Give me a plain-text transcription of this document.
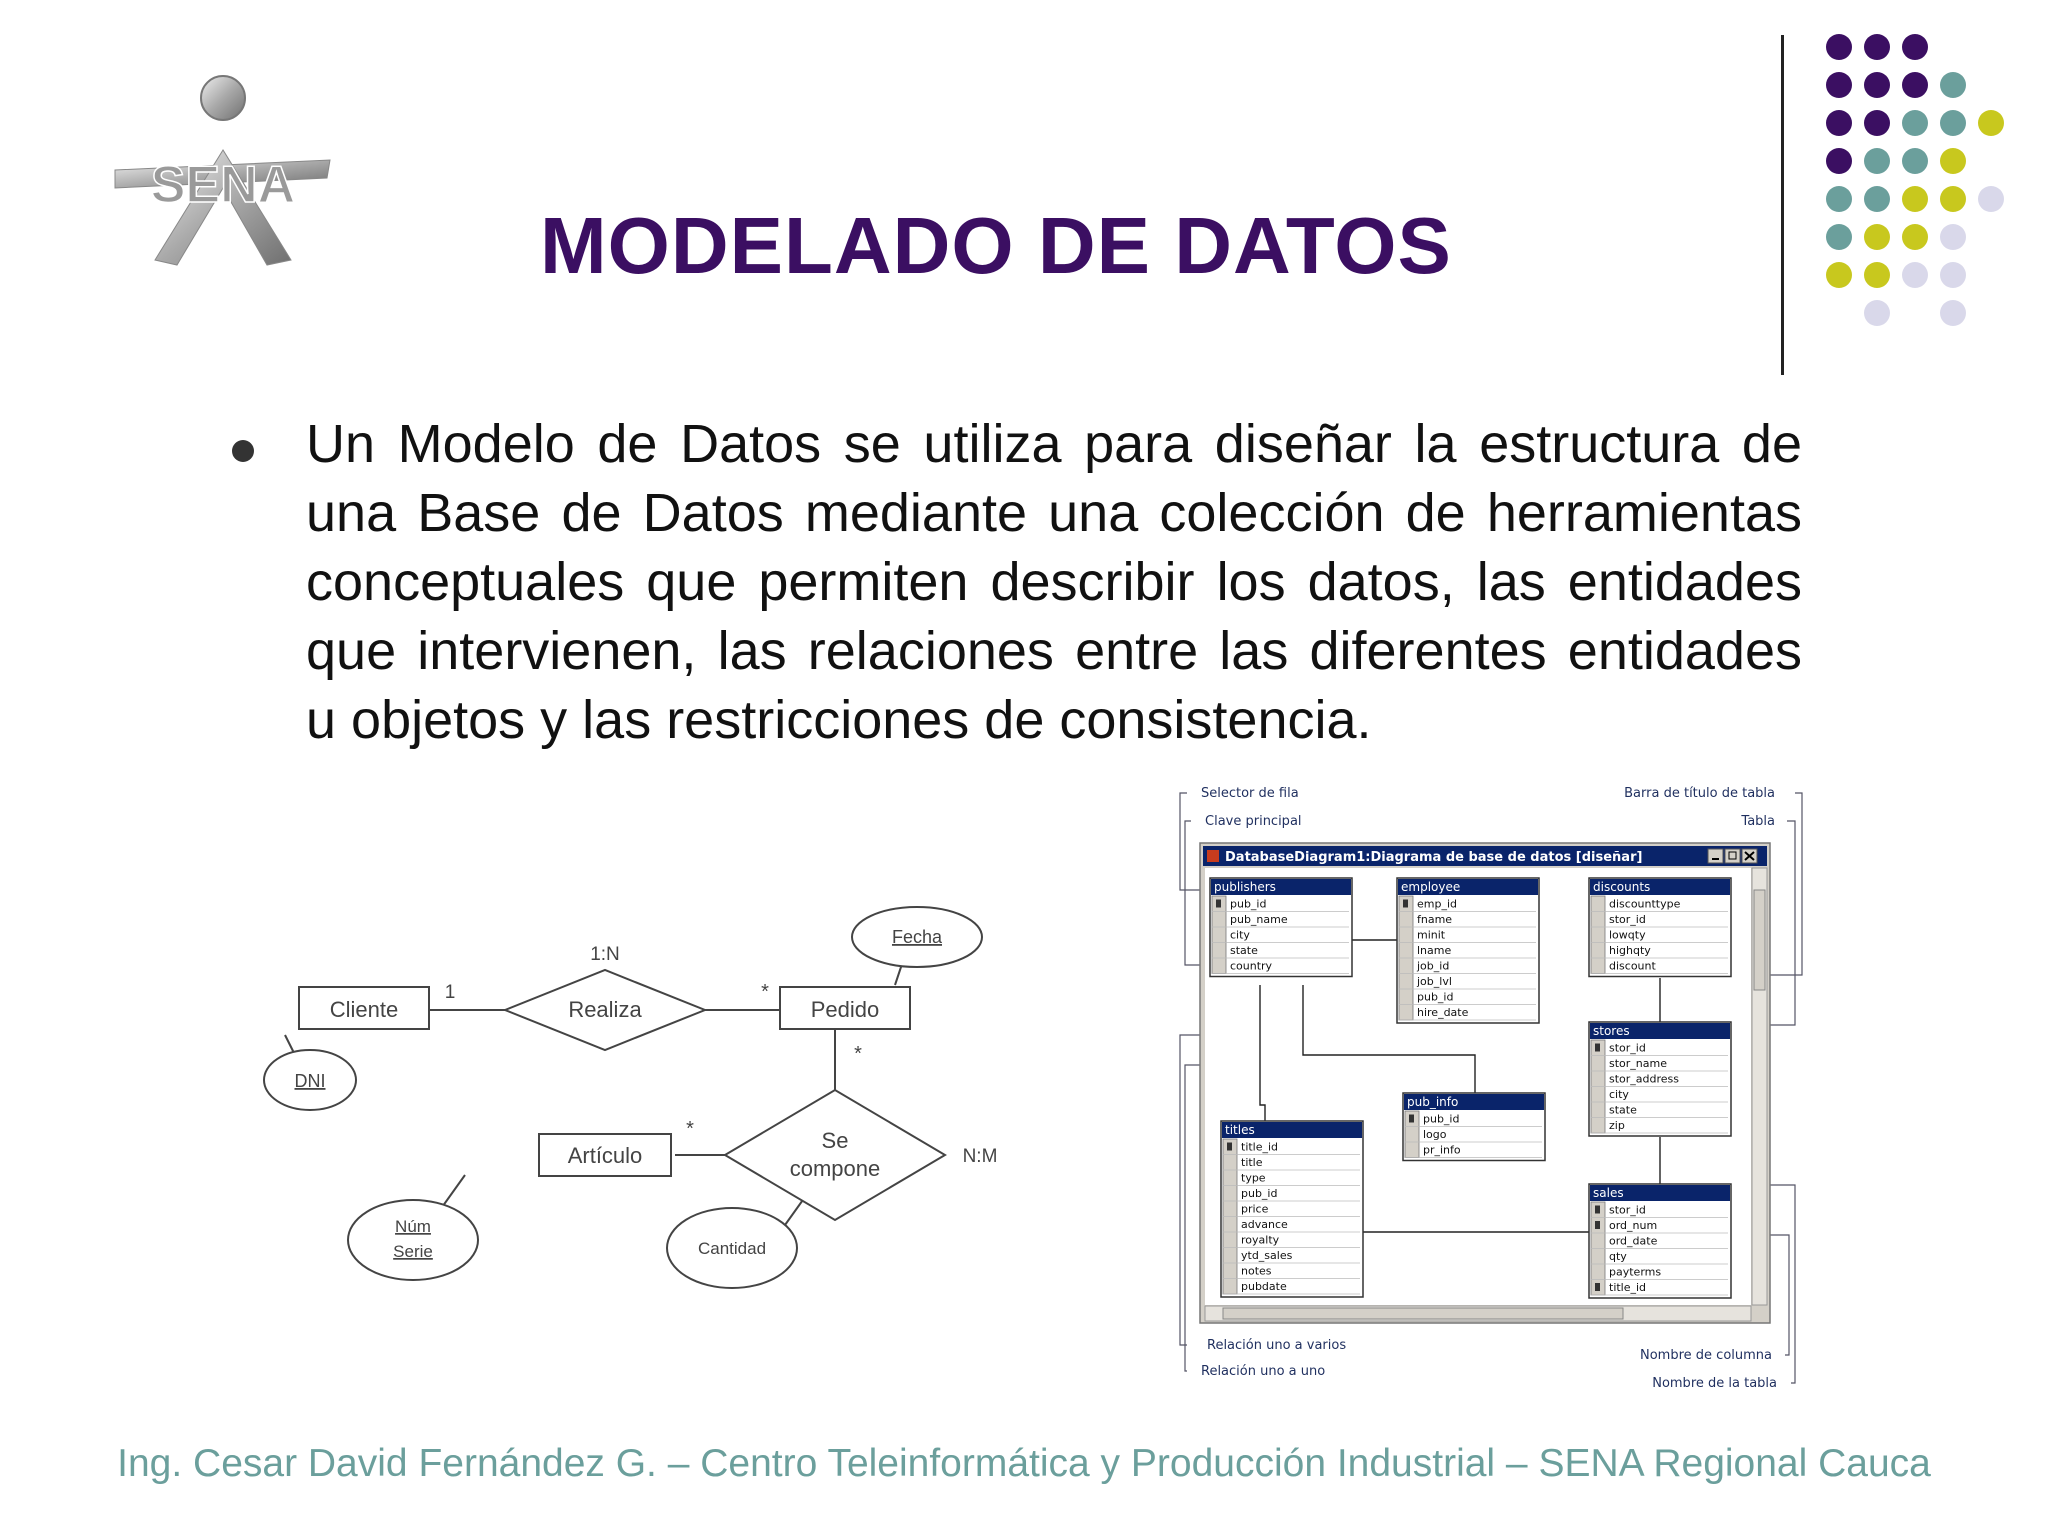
SENA
MODELADO DE DATOS
Un Modelo de Datos se utiliza para diseñar la estructura de una Base de Datos mediante una colección de herramientas conceptuales que permiten describir los datos, las entidades que intervienen, las relaciones entre las diferentes entidades u objetos y las restricciones de consistencia.
Cliente	Pedido
Artículo
Realiza
Se
compone
DNI
Fecha
Núm
Serie	Cantidad
1:N
N:M
1	*
*
*
Selector de fila
Clave principal
Barra de título de tabla
Tabla
Relación uno a varios
Relación uno a uno
Nombre de columna
Nombre de la tabla
DatabaseDiagram1:Diagrama de base de datos [diseñar]
publishers
pub_id
pub_name
city
state
country
employee
emp_id
fname
minit
lname
job_id
job_lvl
pub_id
hire_date
discounts
discounttype
stor_id
lowqty
highqty
discount
stores
stor_id
stor_name
stor_address
city
state
zip
pub_info
pub_id
logo
pr_info
titles
title_id
title
type
pub_id
price
advance
royalty
ytd_sales
notes
pubdate
sales
stor_id
ord_num
ord_date
qty
payterms
title_id
Ing. Cesar David Fernández G. – Centro Teleinformática y Producción Industrial – SENA Regional Cauca
